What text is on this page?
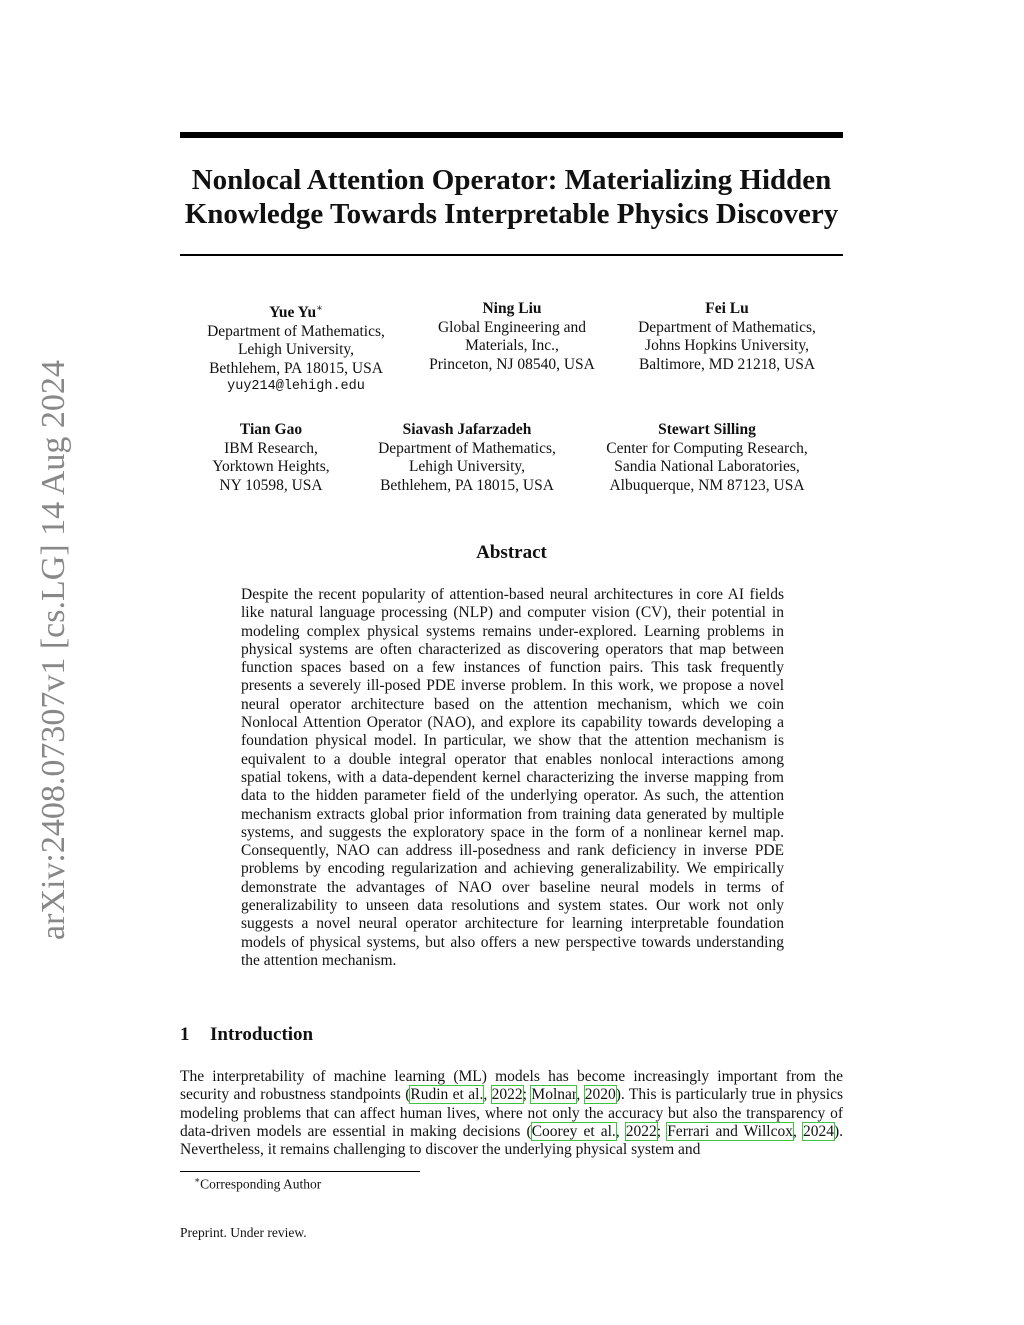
Nonlocal Attention Operator: Materializing Hidden
Knowledge Towards Interpretable Physics Discovery
arXiv:2408.07307v1 [cs.LG] 14 Aug 2024
Yue Yu∗
Department of Mathematics,
Lehigh University,
Bethlehem, PA 18015, USA
yuy214@lehigh.edu
Ning Liu
Global Engineering and
Materials, Inc.,
Princeton, NJ 08540, USA
Fei Lu
Department of Mathematics,
Johns Hopkins University,
Baltimore, MD 21218, USA
Tian Gao
IBM Research,
Yorktown Heights,
NY 10598, USA
Siavash Jafarzadeh
Department of Mathematics,
Lehigh University,
Bethlehem, PA 18015, USA
Stewart Silling
Center for Computing Research,
Sandia National Laboratories,
Albuquerque, NM 87123, USA
Abstract
Despite the recent popularity of attention-based neural architectures in core AI fields like natural language processing (NLP) and computer vision (CV), their potential in modeling complex physical systems remains under-explored. Learning problems in physical systems are often characterized as discovering operators that map between function spaces based on a few instances of function pairs. This task frequently presents a severely ill-posed PDE inverse problem. In this work, we propose a novel neural operator architecture based on the attention mechanism, which we coin Nonlocal Attention Operator (NAO), and explore its capability towards developing a foundation physical model. In particular, we show that the attention mechanism is equivalent to a double integral operator that enables nonlocal interactions among spatial tokens, with a data-dependent kernel characterizing the inverse mapping from data to the hidden parameter field of the underlying operator. As such, the attention mechanism extracts global prior information from training data generated by multiple systems, and suggests the exploratory space in the form of a nonlinear kernel map. Consequently, NAO can address ill-posedness and rank deficiency in inverse PDE problems by encoding regularization and achieving generalizability. We empirically demonstrate the advantages of NAO over baseline neural models in terms of generalizability to unseen data resolutions and system states. Our work not only suggests a novel neural operator architecture for learning interpretable foundation models of physical systems, but also offers a new perspective towards understanding the attention mechanism.
1 Introduction
The interpretability of machine learning (ML) models has become increasingly important from the security and robustness standpoints (Rudin et al., 2022; Molnar, 2020). This is particularly true in physics modeling problems that can affect human lives, where not only the accuracy but also the transparency of data-driven models are essential in making decisions (Coorey et al., 2022; Ferrari and Willcox, 2024). Nevertheless, it remains challenging to discover the underlying physical system and
∗Corresponding Author
Preprint. Under review.
